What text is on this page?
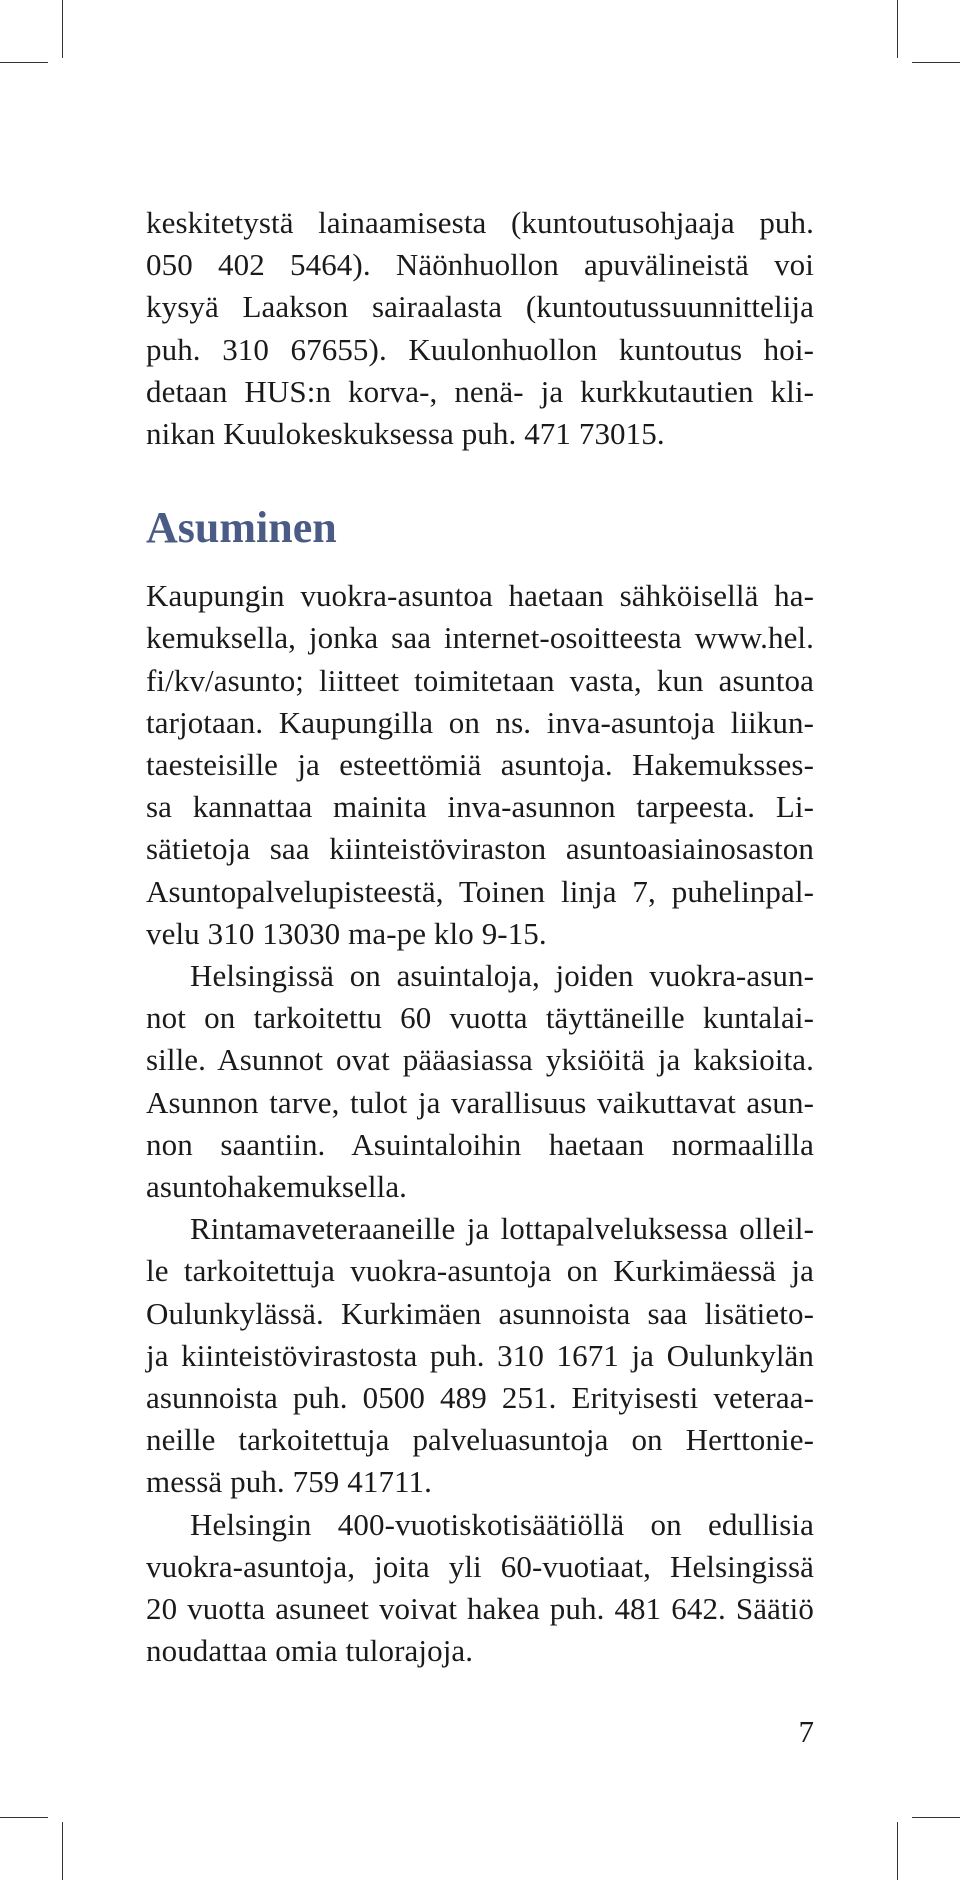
keskitetystä lainaamisesta (kuntoutusohjaaja puh.
050 402 5464). Näönhuollon apuvälineistä voi
kysyä Laakson sairaalasta (kuntoutussuunnittelija
puh. 310 67655). Kuulonhuollon kuntoutus hoi-
detaan HUS:n korva-, nenä- ja kurkkutautien kli-
nikan Kuulokeskuksessa puh. 471 73015.

Asuminen

Kaupungin vuokra-asuntoa haetaan sähköisellä ha-
kemuksella, jonka saa internet-osoitteesta www.hel.
fi/kv/asunto; liitteet toimitetaan vasta, kun asuntoa
tarjotaan. Kaupungilla on ns. inva-asuntoja liikun-
taesteisille ja esteettömiä asuntoja. Hakemuksses-
sa kannattaa mainita inva-asunnon tarpeesta. Li-
sätietoja saa kiinteistöviraston asuntoasiainosaston
Asuntopalvelupisteestä, Toinen linja 7, puhelinpal-
velu 310 13030 ma-pe klo 9-15.

Helsingissä on asuintaloja, joiden vuokra-asun-
not on tarkoitettu 60 vuotta täyttäneille kuntalai-
sille. Asunnot ovat pääasiassa yksiöitä ja kaksioita.
Asunnon tarve, tulot ja varallisuus vaikuttavat asun-
non saantiin. Asuintaloihin haetaan normaalilla
asuntohakemuksella.

Rintamaveteraaneille ja lottapalveluksessa olleil-
le tarkoitettuja vuokra-asuntoja on Kurkimäessä ja
Oulunkylässä. Kurkimäen asunnoista saa lisätieto-
ja kiinteistövirastosta puh. 310 1671 ja Oulunkylän
asunnoista puh. 0500 489 251. Erityisesti veteraa-
neille tarkoitettuja palveluasuntoja on Herttonie-
messä puh. 759 41711.

Helsingin 400-vuotiskotisäätiöllä on edullisia
vuokra-asuntoja, joita yli 60-vuotiaat, Helsingissä
20 vuotta asuneet voivat hakea puh. 481 642. Säätiö
noudattaa omia tulorajoja.

7
